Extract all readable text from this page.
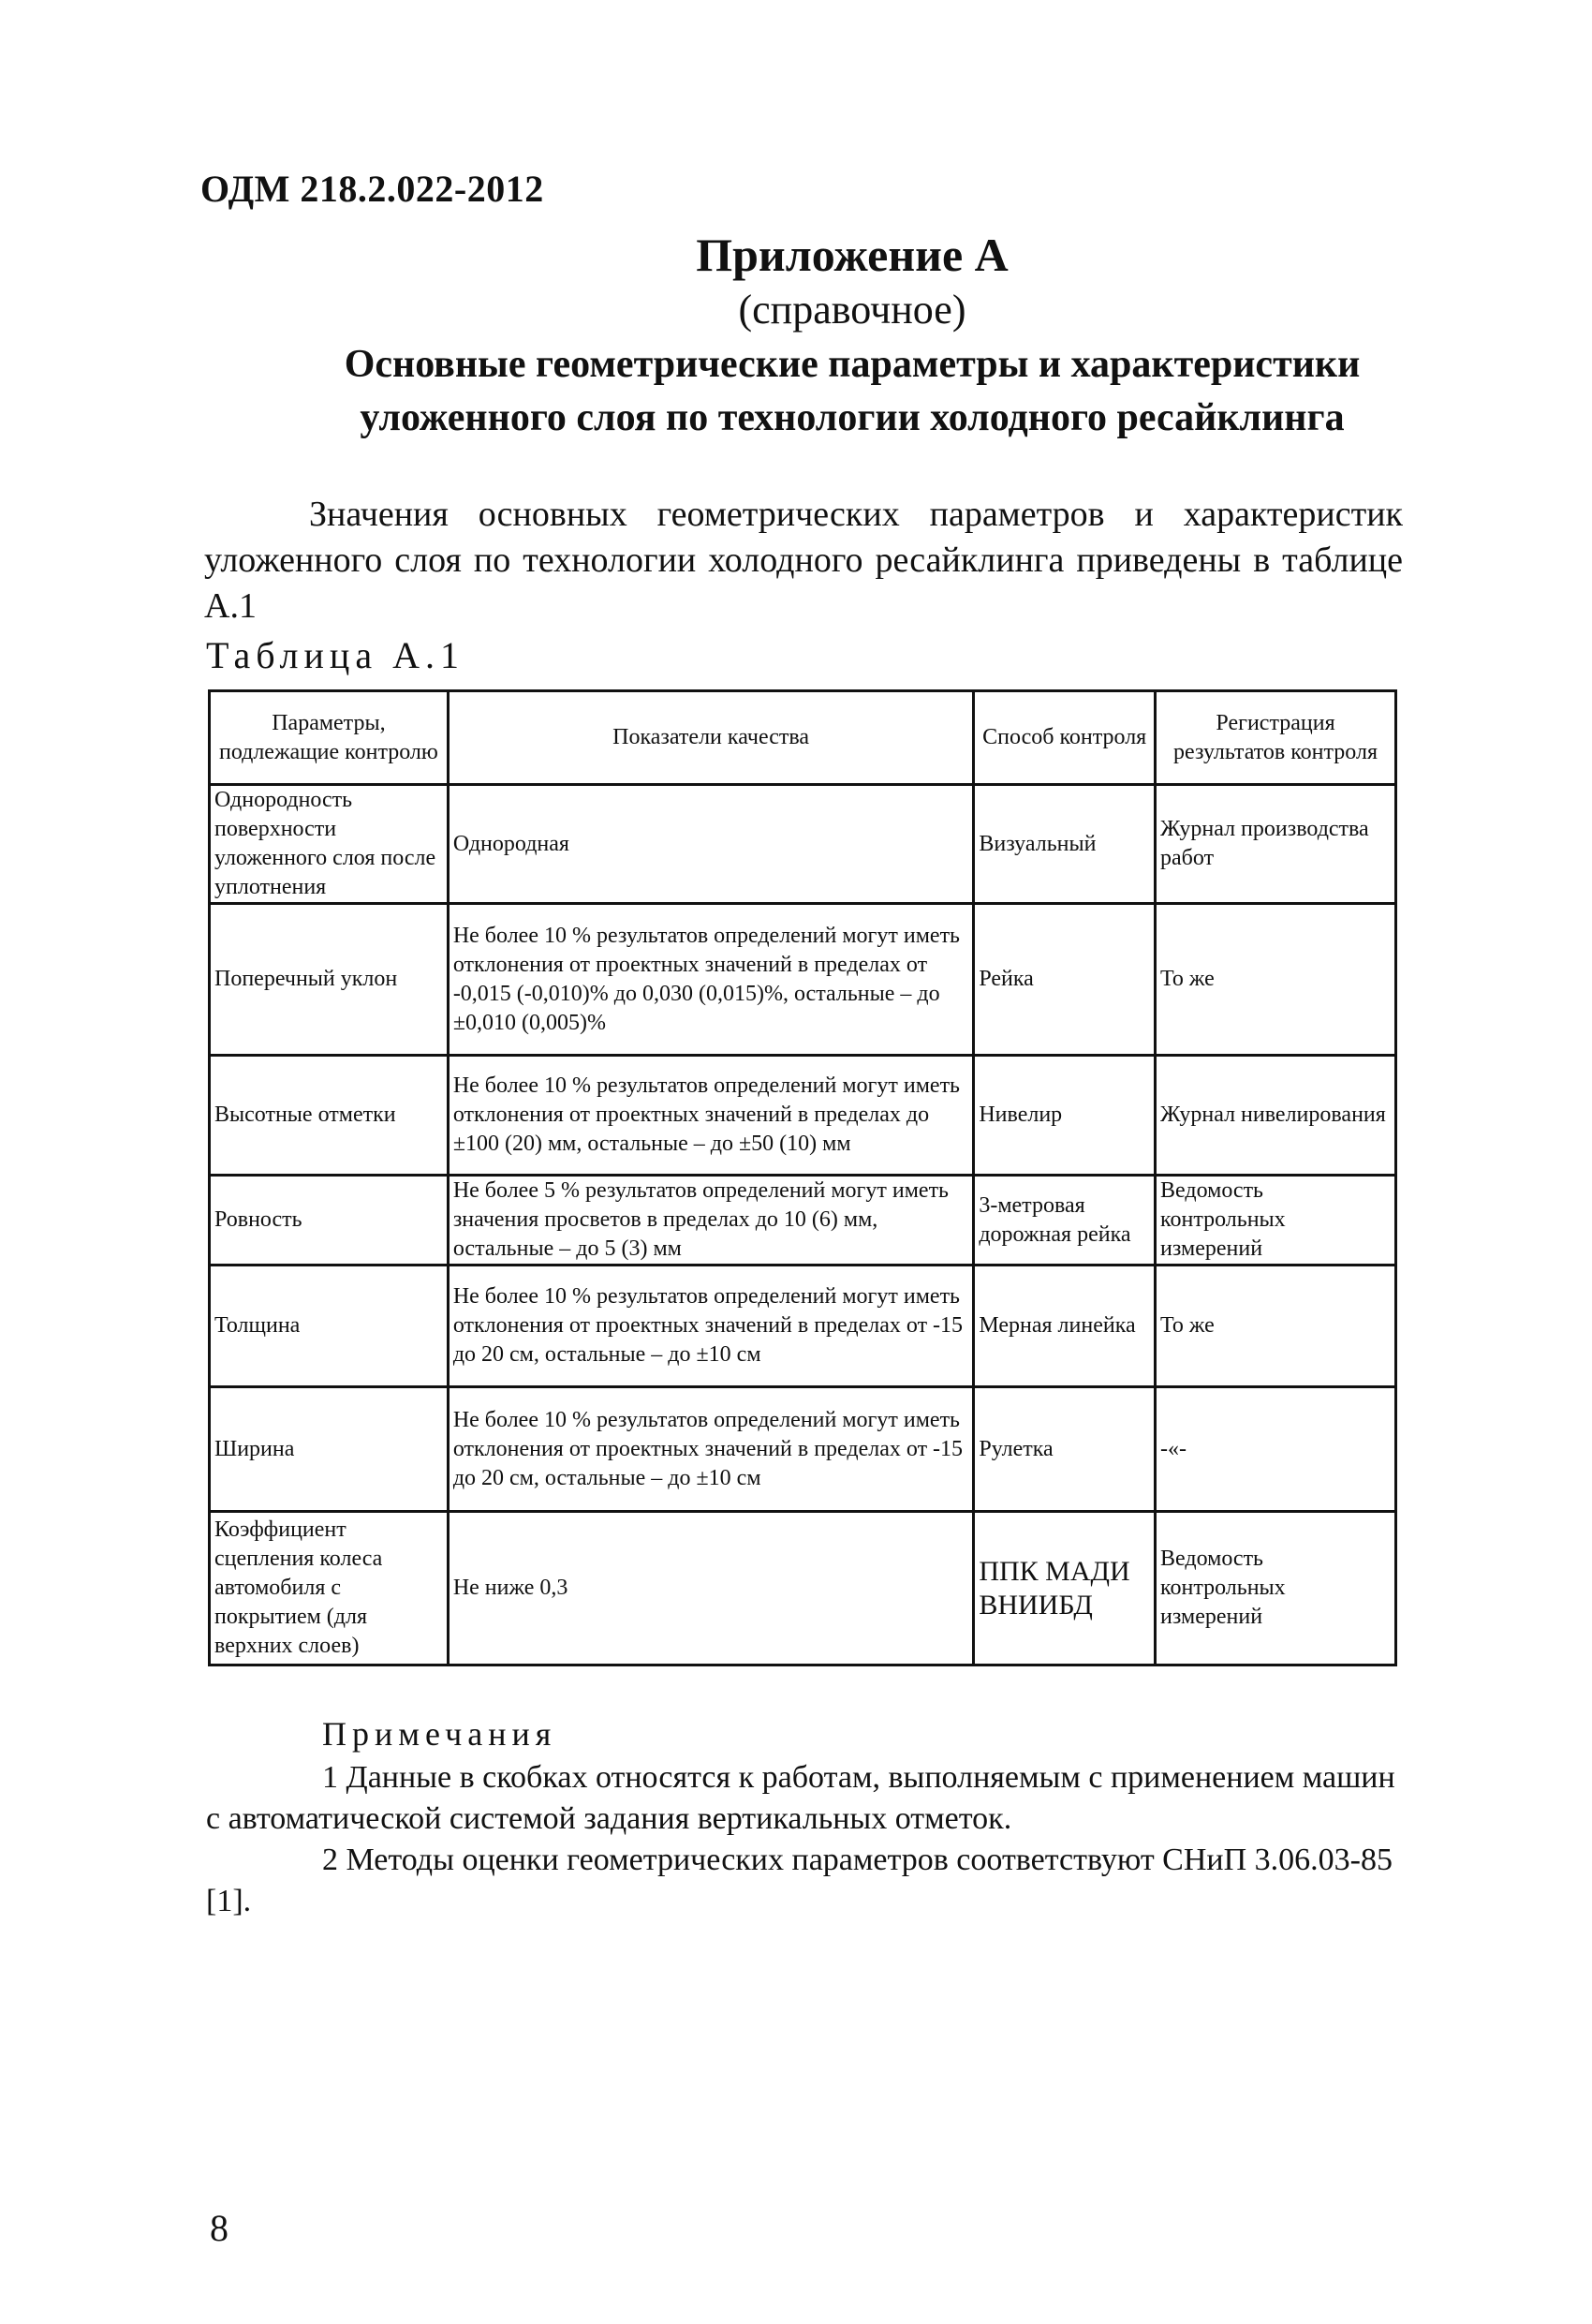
ОДМ 218.2.022-2012
Приложение А
(справочное)
Основные геометрические параметры и характеристики
уложенного слоя по технологии холодного ресайклинга
Значения основных геометрических параметров и характеристик уложенного слоя по технологии холодного ресайклинга приведены в таблице А.1
Таблица А.1
Параметры, подлежащие контролю	Показатели качества	Способ контроля	Регистрация результатов контроля
Однородность поверхности уложенного слоя после уплотнения	Однородная	Визуальный	Журнал производства работ
Поперечный уклон	Не более 10 % результатов определений могут иметь отклонения от проектных значений в пределах от -0,015 (-0,010)% до 0,030 (0,015)%, остальные – до ±0,010 (0,005)%	Рейка	То же
Высотные отметки	Не более 10 % результатов определений могут иметь отклонения от проектных значений в пределах до ±100 (20) мм, остальные – до ±50 (10) мм	Нивелир	Журнал нивелирования
Ровность	Не более 5 % результатов определений могут иметь значения просветов в пределах до 10 (6) мм, остальные – до 5 (3) мм	3-метровая дорожная рейка	Ведомость контрольных измерений
Толщина	Не более 10 % результатов определений могут иметь отклонения от проектных значений в пределах от -15 до 20 см, остальные – до ±10 см	Мерная линейка	То же
Ширина	Не более 10 % результатов определений могут иметь отклонения от проектных значений в пределах от -15 до 20 см, остальные – до ±10 см	Рулетка	-«-
Коэффициент сцепления колеса автомобиля с покрытием (для верхних слоев)	Не ниже 0,3	ППК МАДИ ВНИИБД	Ведомость контрольных измерений
Примечания
1 Данные в скобках относятся к работам, выполняемым с применением машин с автоматической системой задания вертикальных отметок.
2 Методы оценки геометрических параметров соответствуют СНиП 3.06.03-85 [1].
8
